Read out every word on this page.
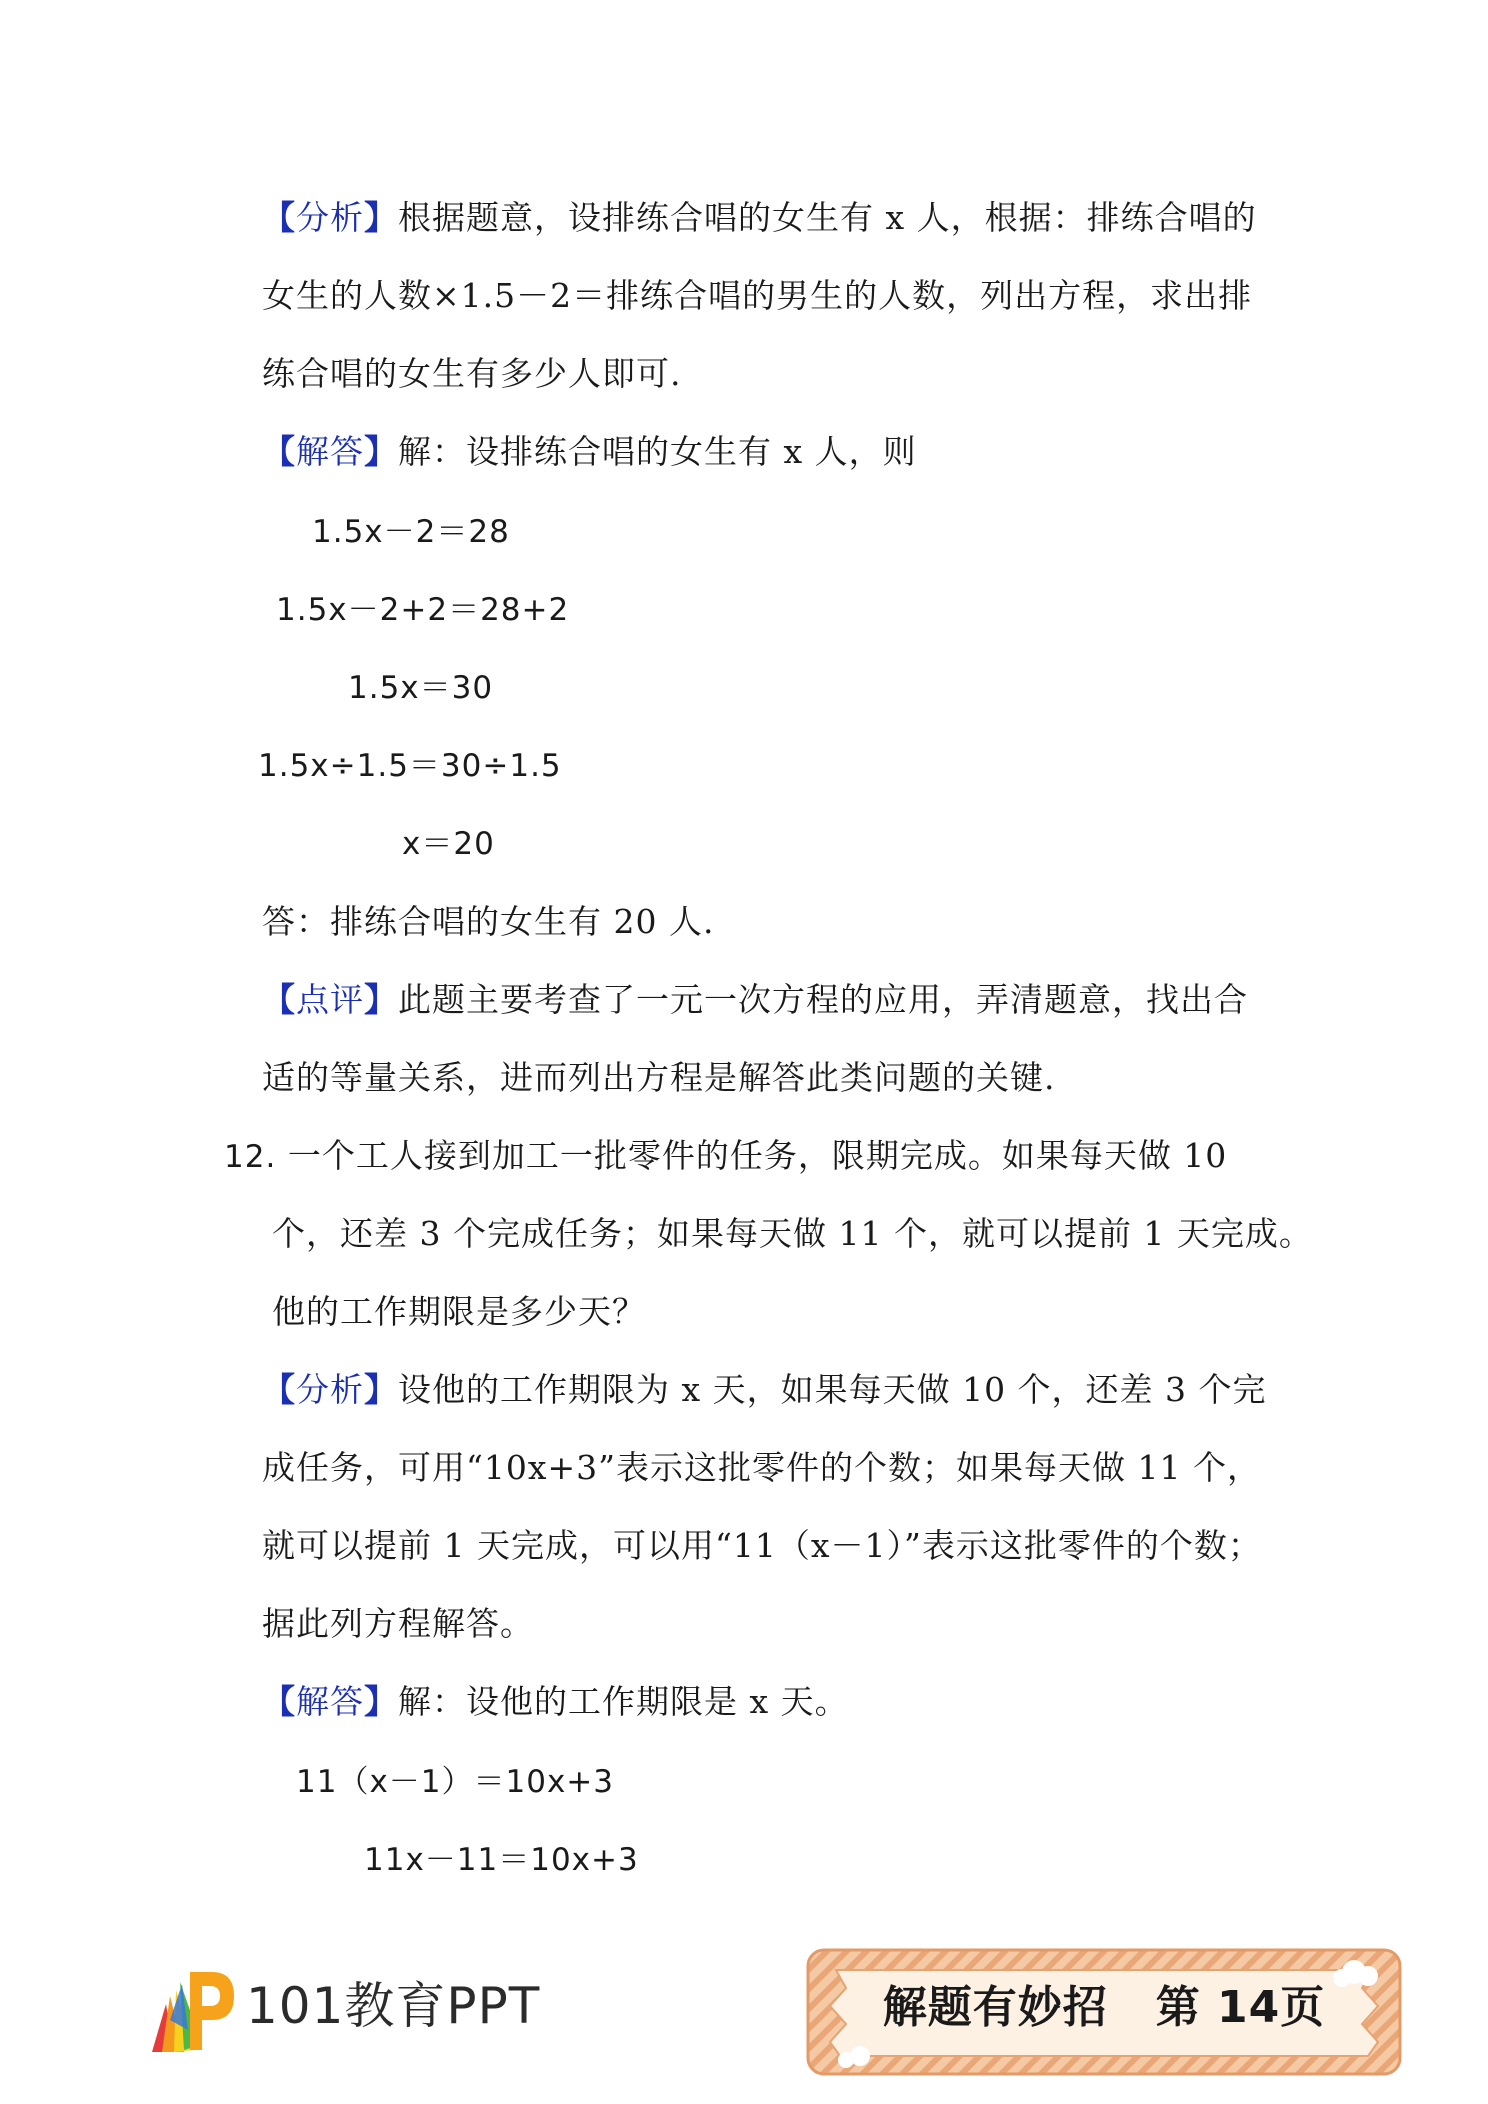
【分析】根据题意，设排练合唱的女生有 x 人，根据：排练合唱的
女生的人数×1.5－2＝排练合唱的男生的人数，列出方程，求出排
练合唱的女生有多少人即可.
【解答】解：设排练合唱的女生有 x 人，则
1.5x－2＝28
1.5x－2+2＝28+2
1.5x＝30
1.5x÷1.5＝30÷1.5
x＝20
答：排练合唱的女生有 20 人.
【点评】此题主要考查了一元一次方程的应用，弄清题意，找出合
适的等量关系，进而列出方程是解答此类问题的关键.
12. 一个工人接到加工一批零件的任务，限期完成。如果每天做 10
个，还差 3 个完成任务；如果每天做 11 个，就可以提前 1 天完成。
他的工作期限是多少天？
【分析】设他的工作期限为 x 天，如果每天做 10 个，还差 3 个完
成任务，可用“10x+3”表示这批零件的个数；如果每天做 11 个，
就可以提前 1 天完成，可以用“11（x－1）”表示这批零件的个数；
据此列方程解答。
【解答】解：设他的工作期限是 x 天。
11（x－1）＝10x+3
11x－11＝10x+3
101教育PPT	解题有妙招 第 14页
